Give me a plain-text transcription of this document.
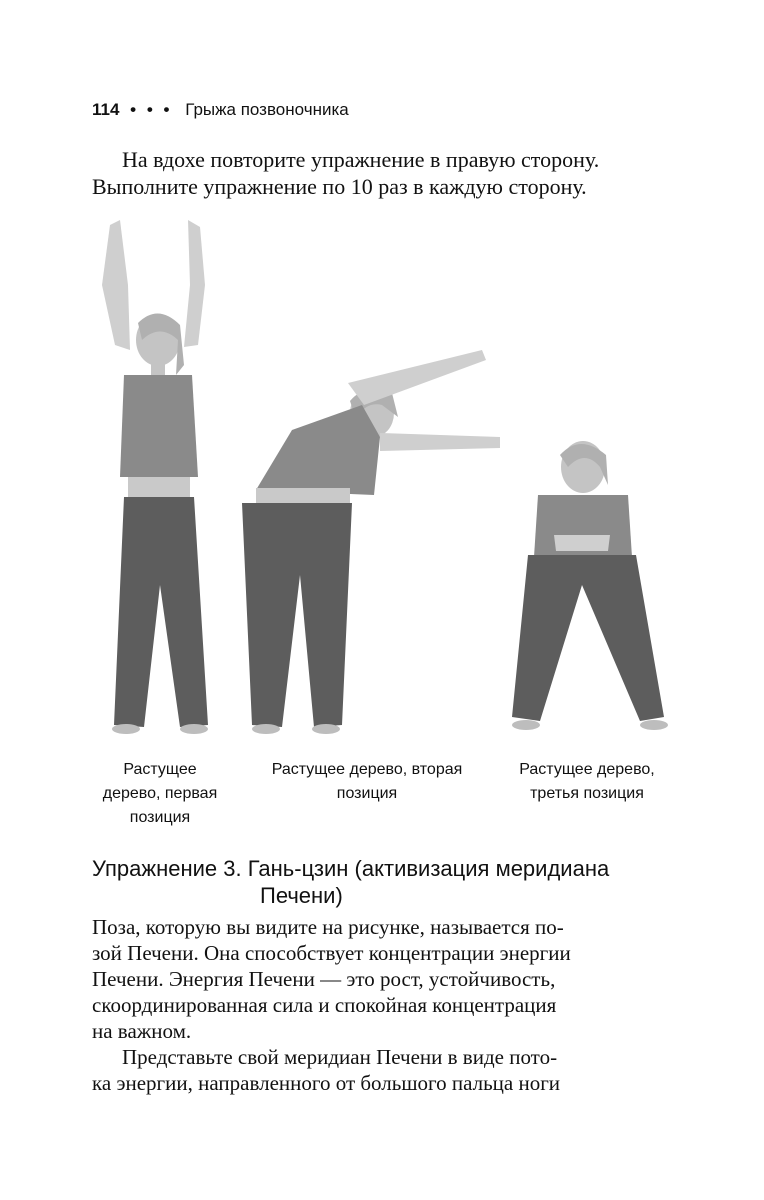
114 • • • Грыжа позвоночника

На вдохе повторите упражнение в правую сторону.

Выполните упражнение по 10 раз в каждую сторону.

Растущее
дерево, первая
позиция
Растущее дерево, вторая
позиция
Растущее дерево,
третья позиция
Упражнение 3. Гань-цзин (активизация меридиана
Печени)

Поза, которую вы видите на рисунке, называется по-

зой Печени. Она способствует концентрации энергии

Печени. Энергия Печени — это рост, устойчивость,

скоординированная сила и спокойная концентрация

на важном.

Представьте свой меридиан Печени в виде пото-

ка энергии, направленного от большого пальца ноги
